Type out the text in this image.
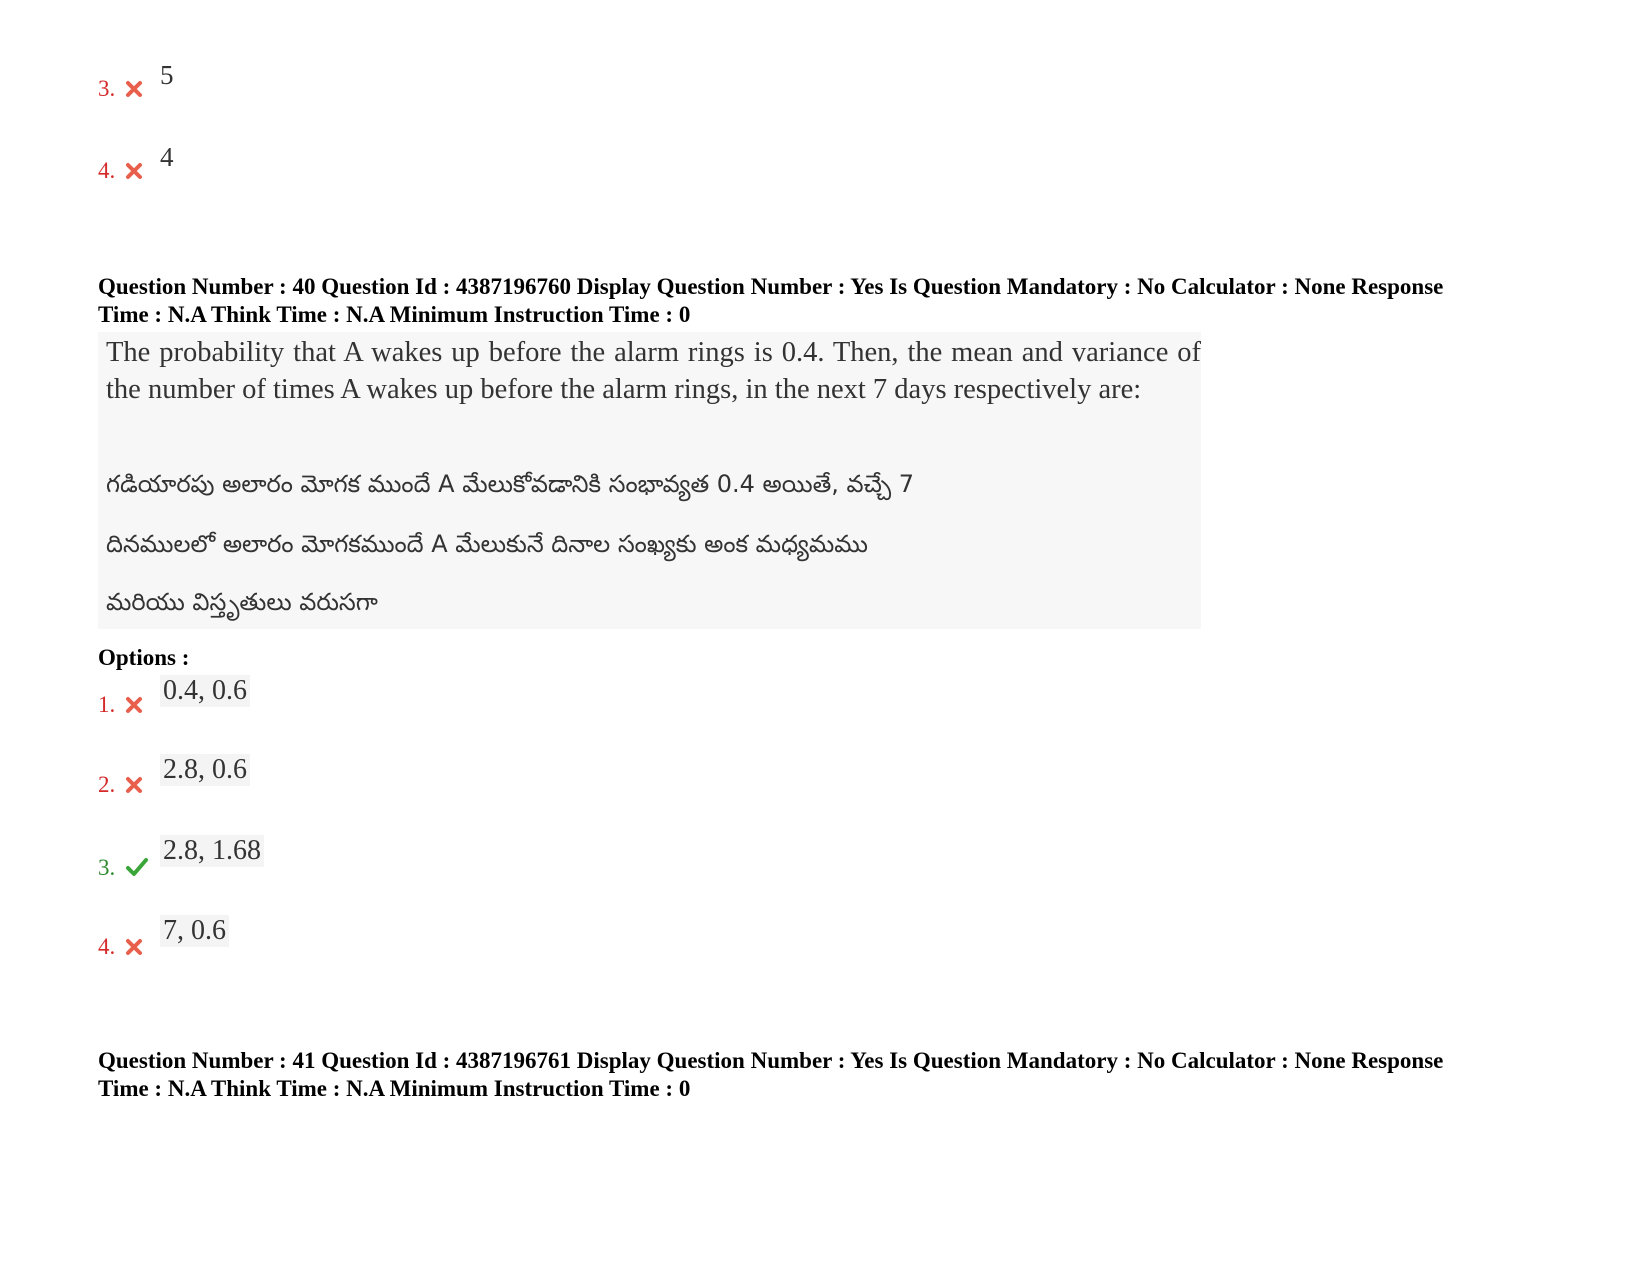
3. 5
4. 4
Question Number : 40 Question Id : 4387196760 Display Question Number : Yes Is Question Mandatory : No Calculator : None Response
Time : N.A Think Time : N.A Minimum Instruction Time : 0
The probability that A wakes up before the alarm rings is 0.4. Then, the mean and variance of the number of times A wakes up before the alarm rings, in the next 7 days respectively are:
గడియారపు అలారం మోగక ముందే A మేలుకోవడానికి సంభావ్యత 0.4 అయితే, వచ్చే 7
దినములలో అలారం మోగకముందే A మేలుకునే దినాల సంఖ్యకు అంక మధ్యమము
మరియు విస్తృతులు వరుసగా
Options :
1. 0.4, 0.6
2. 2.8, 0.6
3.
2.8, 1.68
4.
7, 0.6
Question Number : 41 Question Id : 4387196761 Display Question Number : Yes Is Question Mandatory : No Calculator : None Response
Time : N.A Think Time : N.A Minimum Instruction Time : 0
